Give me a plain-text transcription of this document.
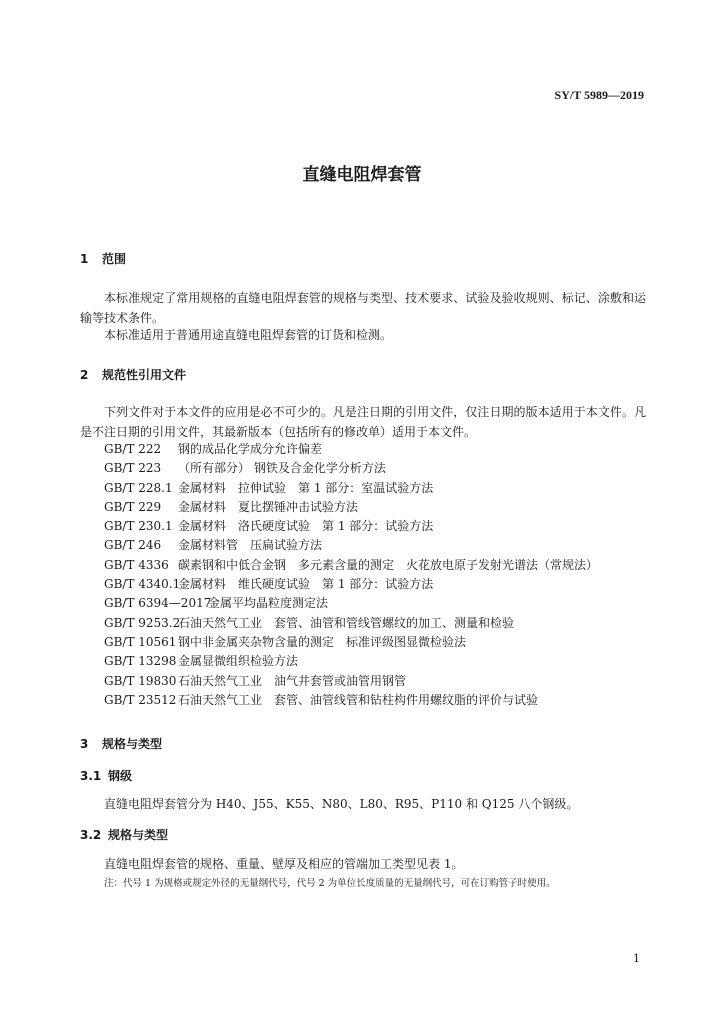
SY/T 5989—2019
直缝电阻焊套管
1 范围
本标准规定了常用规格的直缝电阻焊套管的规格与类型、技术要求、试验及验收规则、标记、涂敷和运输等技术条件。
本标准适用于普通用途直缝电阻焊套管的订货和检测。
2 规范性引用文件
下列文件对于本文件的应用是必不可少的。凡是注日期的引用文件，仅注日期的版本适用于本文件。凡是不注日期的引用文件，其最新版本（包括所有的修改单）适用于本文件。
GB/T 222 钢的成品化学成分允许偏差
GB/T 223 （所有部分） 钢铁及合金化学分析方法
GB/T 228.1 金属材料　拉伸试验　第 1 部分：室温试验方法
GB/T 229 金属材料　夏比摆锤冲击试验方法
GB/T 230.1 金属材料　洛氏硬度试验　第 1 部分：试验方法
GB/T 246 金属材料管　压扁试验方法
GB/T 4336 碳素钢和中低合金钢　多元素含量的测定　火花放电原子发射光谱法（常规法）
GB/T 4340.1金属材料　维氏硬度试验　第 1 部分：试验方法
GB/T 6394—2017金属平均晶粒度测定法
GB/T 9253.2石油天然气工业　套管、油管和管线管螺纹的加工、测量和检验
GB/T 10561 钢中非金属夹杂物含量的测定　标准评级图显微检验法
GB/T 13298 金属显微组织检验方法
GB/T 19830 石油天然气工业　油气井套管或油管用钢管
GB/T 23512 石油天然气工业　套管、油管线管和钻柱构件用螺纹脂的评价与试验
3 规格与类型
3.1 钢级
直缝电阻焊套管分为 H40、J55、K55、N80、L80、R95、P110 和 Q125 八个钢级。
3.2 规格与类型
直缝电阻焊套管的规格、重量、壁厚及相应的管端加工类型见表 1。
注：代号 1 为规格或规定外径的无量纲代号，代号 2 为单位长度质量的无量纲代号，可在订购管子时使用。
1
